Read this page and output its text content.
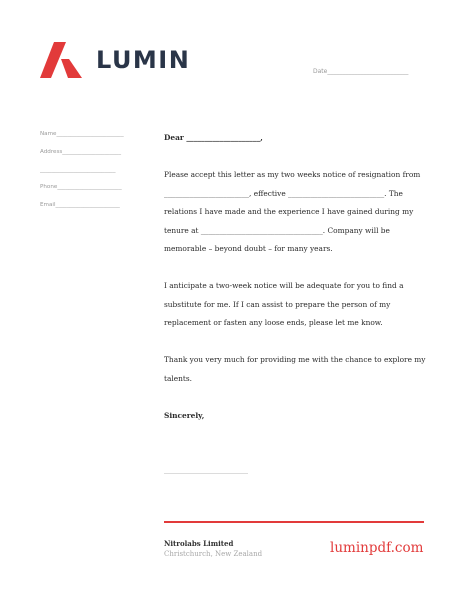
LUMIN	Date___________________________
Name________________________
Address_____________________
___________________________
Phone_______________________
Email_______________________

Dear ____________________,

Please accept this letter as my two weeks notice of resignation from _______________________, effective __________________________. The relations I have made and the experience I have gained during my tenure at _________________________________. Company will be memorable – beyond doubt – for many years.

I anticipate a two-week notice will be adequate for you to find a substitute for me. If I can assist to prepare the person of my replacement or fasten any loose ends, please let me know.

Thank you very much for providing me with the chance to explore my talents.

Sincerely,

________________________
Nitrolabs Limited
Christchurch, New Zealand	luminpdf.com
